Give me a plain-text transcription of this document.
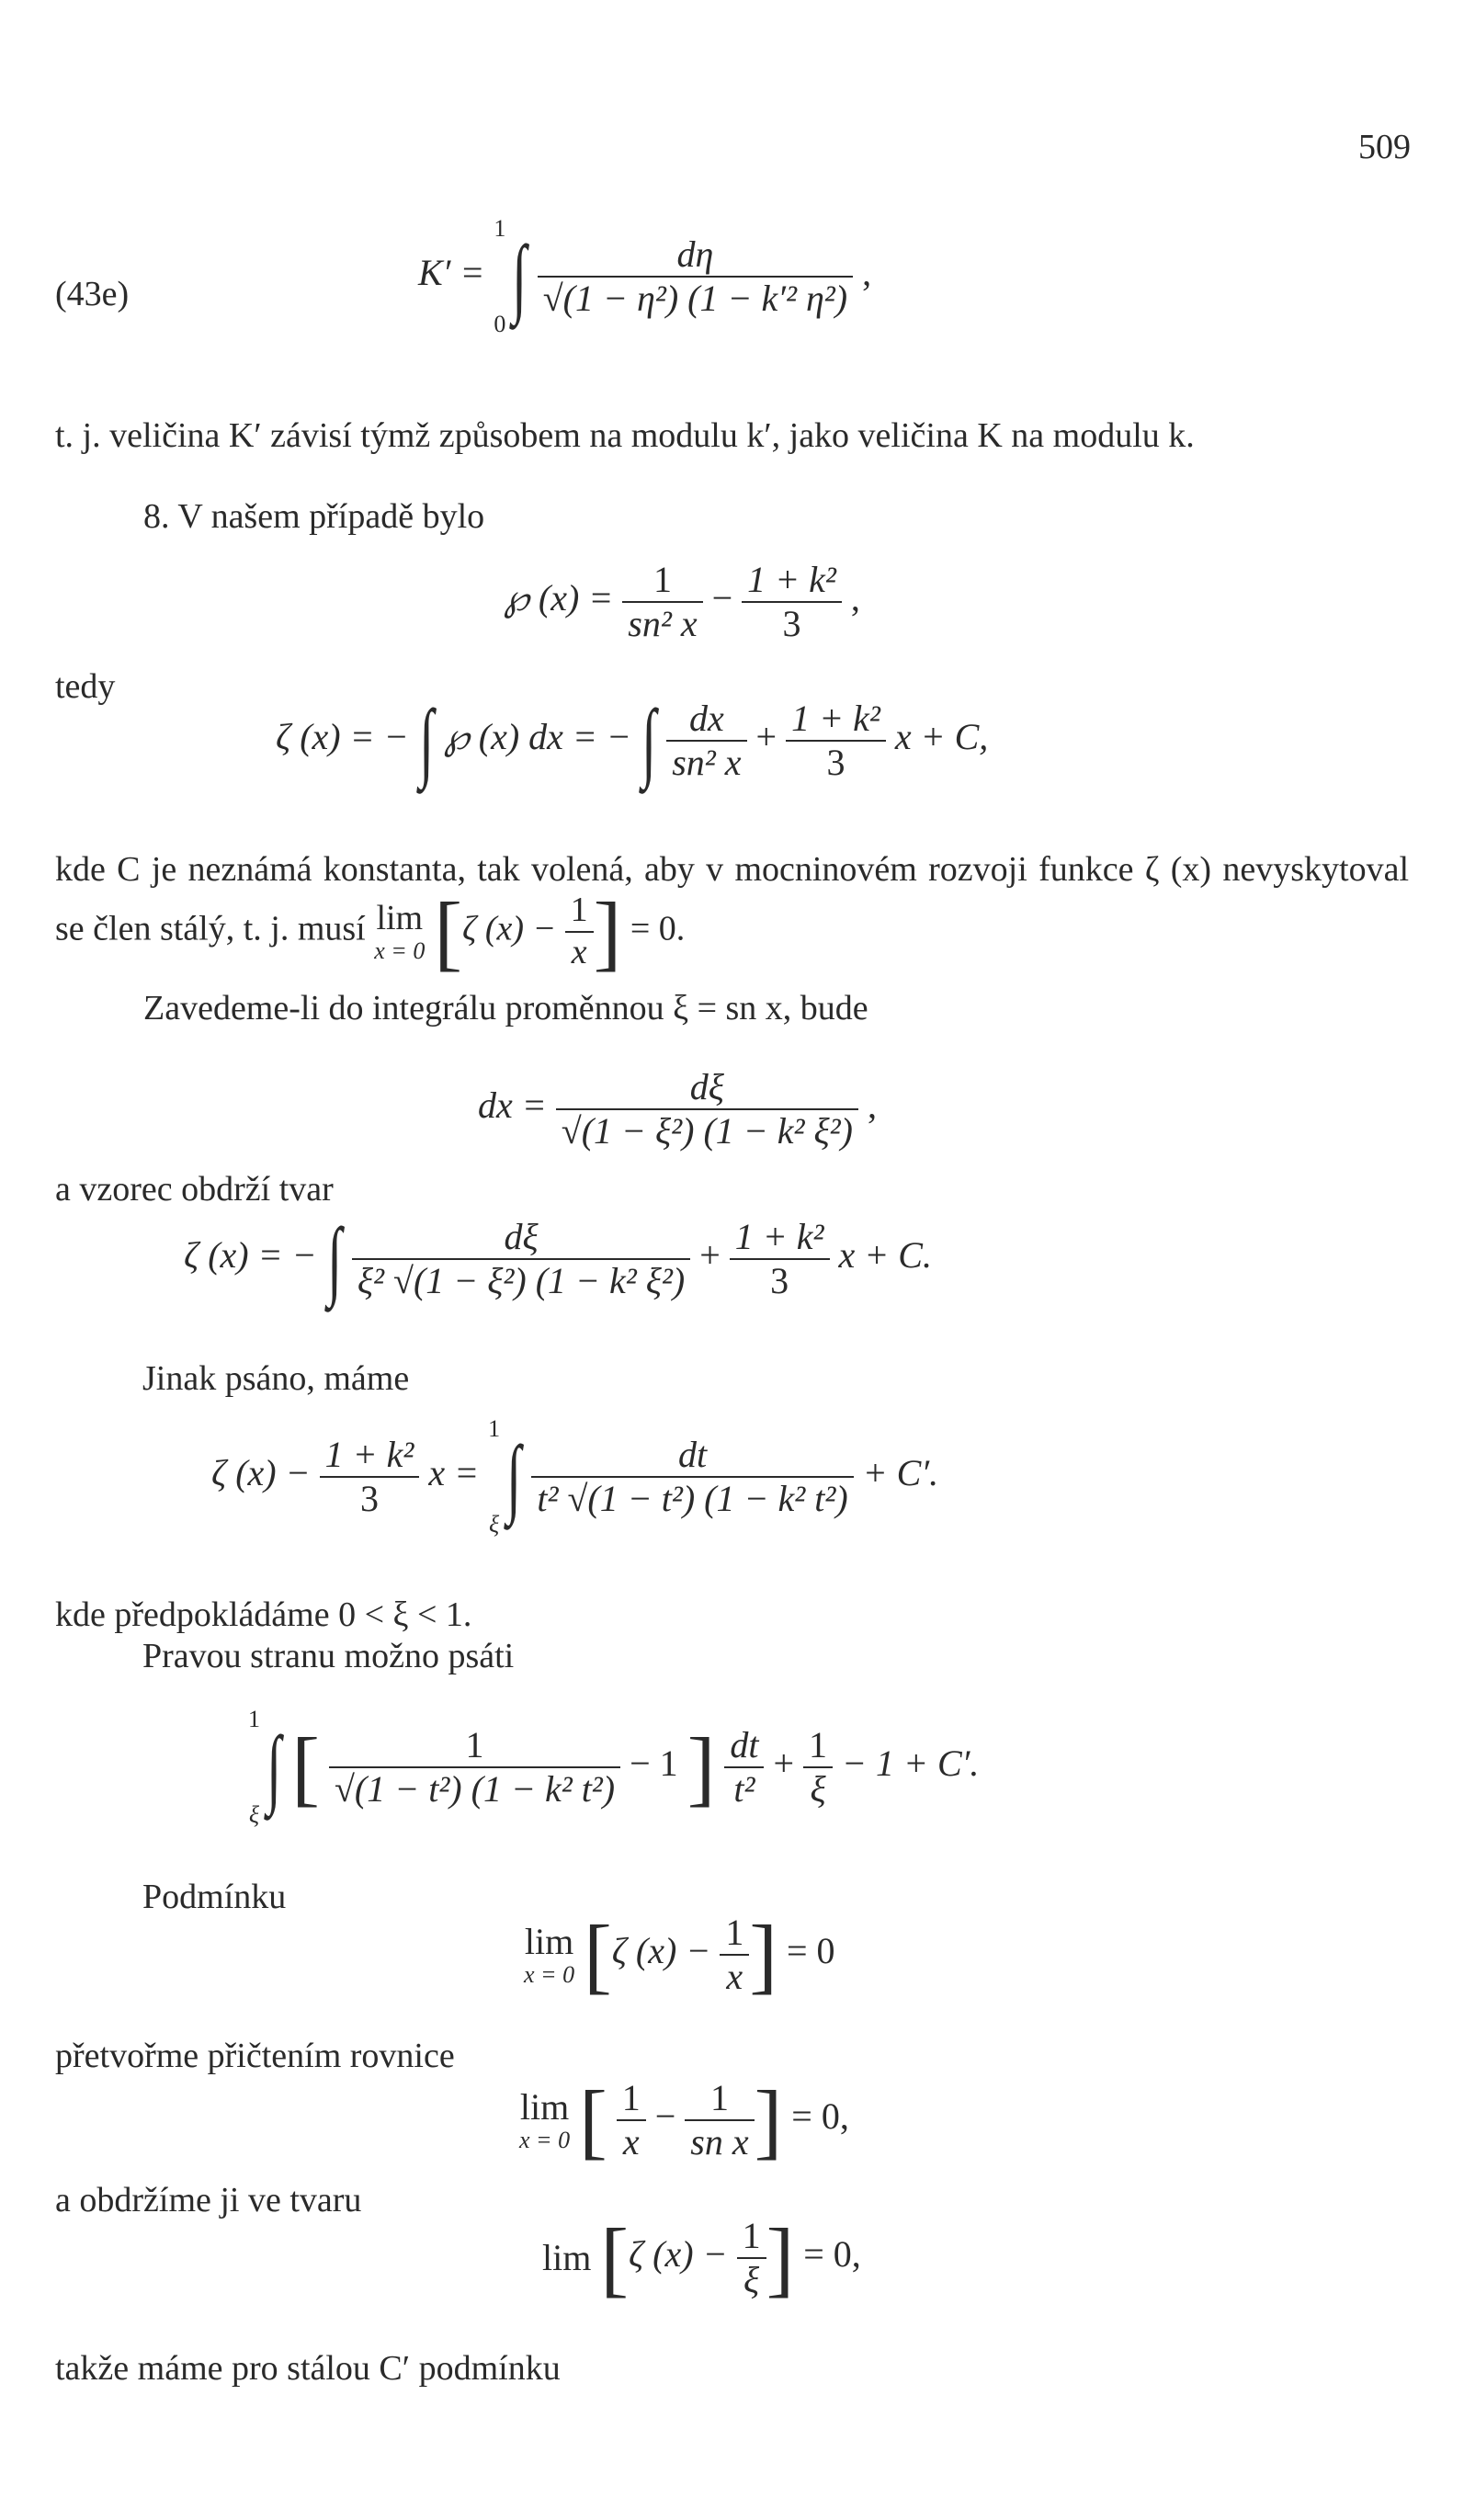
509
(43e)
K′ =
1
0 ∫ $\frac{d\eta}{\text{√(1 − η²) (1 − k′² η²)}}$ ,
t. j. veličina K′ závisí týmž způsobem na modulu k′, jako veličina K na modulu k.
8. V našem případě bylo
℘ $(x) = \frac{1}{\text{sn² x}} - \frac{\text{1 + k²}}{3}$ ,
tedy
ζ (x) = − ∫ ℘ (x) dx = − ∫ $\frac{dx}{\text{sn² x}} + \frac{\text{1 + k²}}{3}$ x + C,
kde C je neznámá konstanta, tak volená, aby v mocninovém rozvoji funkce ζ (x) nevyskytoval se člen stálý, t. j. musí lim
x = 0 [ζ $(x) - \frac{1}{x}$ ] = 0.
Zavedeme-li do integrálu proměnnou ξ = sn x, bude
dx = $\frac{d\xi}{\text{√(1 − ξ²) (1 − k² ξ²)}}$ ,
a vzorec obdrží tvar
ζ (x) = − ∫ $\frac{d\xi}{\text{ξ² √(1 − ξ²) (1 − k² ξ²)}} + \frac{\text{1 + k²}}{3}$ x + C.
Jinak psáno, máme
ζ $(x) - \frac{\text{1 + k²}}{3}$ x =
1
$\xi\int \frac{dt}{\text{t² √(1 − t²) (1 − k² t²)}} + C'$.
kde předpokládáme 0 < ξ < 1.
Pravou stranu možno psáti
1
ξ∫ [ $\frac{1}{\text{√(1 − t²) (1 − k² t²)}} - 1$ ] $\frac{dt}{\text{t²}} + \frac{1}{\xi} - 1 + C'$.
Podmínku
lim
x = 0 [ζ $(x) - \frac{1}{x}$ ] = 0
přetvořme přičtením rovnice
lim
x = 0 [ $\frac{1}{x} - \frac{1}{\text{sn x}}$ ] = 0,
a obdržíme ji ve tvaru
lim [ζ $(x) - \frac{1}{\xi}$ ] = 0,
takže máme pro stálou C′ podmínku
